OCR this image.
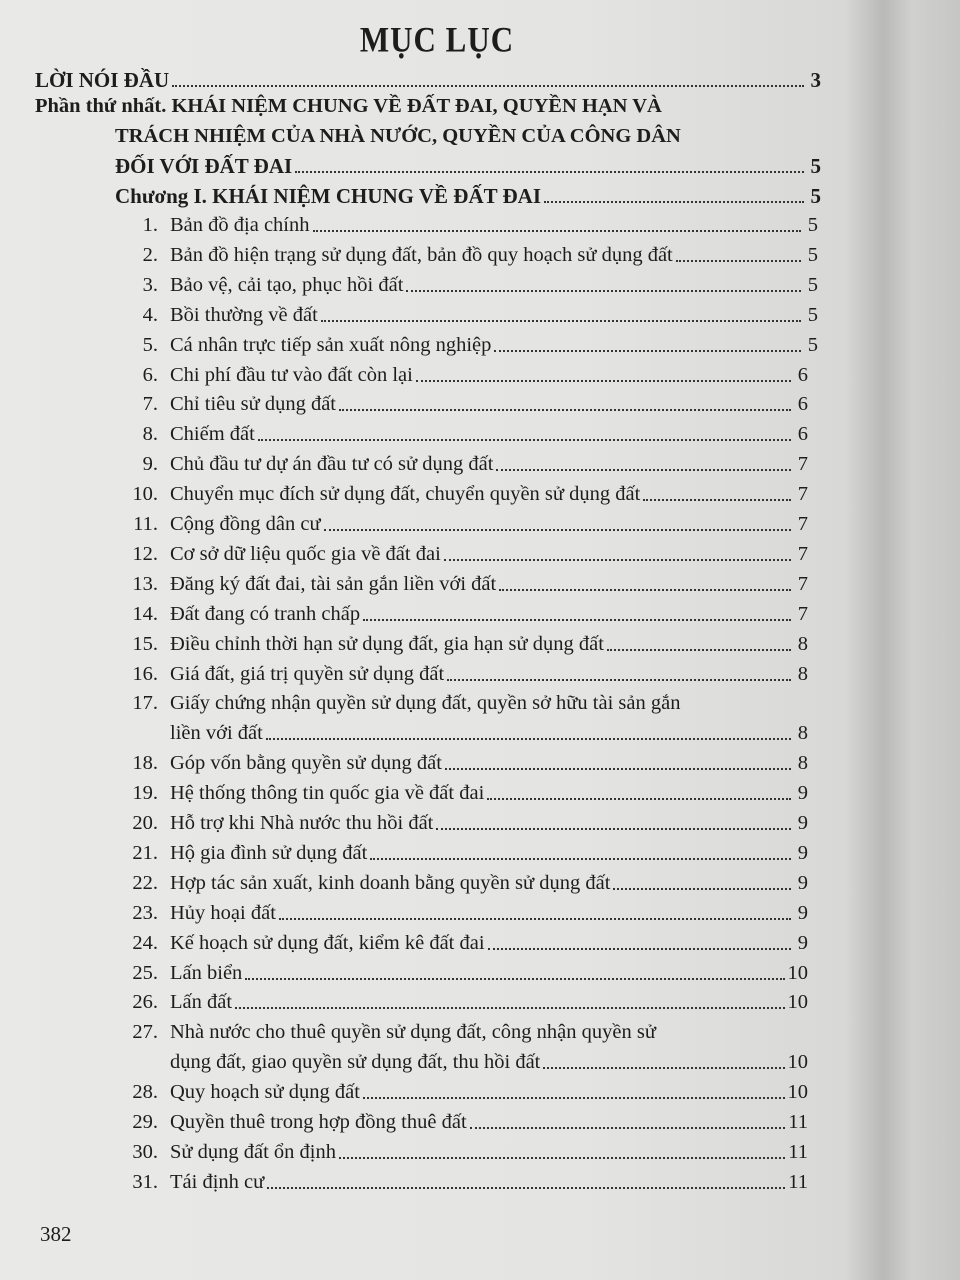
MỤC LỤC
LỜI NÓI ĐẦU	3
Phần thứ nhất. KHÁI NIỆM CHUNG VỀ ĐẤT ĐAI, QUYỀN HẠN VÀ
TRÁCH NHIỆM CỦA NHÀ NƯỚC, QUYỀN CỦA CÔNG DÂN
ĐỐI VỚI ĐẤT ĐAI	5
Chương I. KHÁI NIỆM CHUNG VỀ ĐẤT ĐAI	5
1. Bản đồ địa chính	5
2. Bản đồ hiện trạng sử dụng đất, bản đồ quy hoạch sử dụng đất	5
3. Bảo vệ, cải tạo, phục hồi đất	5
4. Bồi thường về đất	5
5. Cá nhân trực tiếp sản xuất nông nghiệp	5
6. Chi phí đầu tư vào đất còn lại	6
7. Chỉ tiêu sử dụng đất	6
8. Chiếm đất	6
9. Chủ đầu tư dự án đầu tư có sử dụng đất	7
10. Chuyển mục đích sử dụng đất, chuyển quyền sử dụng đất	7
11. Cộng đồng dân cư	7
12. Cơ sở dữ liệu quốc gia về đất đai	7
13. Đăng ký đất đai, tài sản gắn liền với đất	7
14. Đất đang có tranh chấp	7
15. Điều chỉnh thời hạn sử dụng đất, gia hạn sử dụng đất	8
16. Giá đất, giá trị quyền sử dụng đất	8
17. Giấy chứng nhận quyền sử dụng đất, quyền sở hữu tài sản gắn
liền với đất	8
18. Góp vốn bằng quyền sử dụng đất	8
19. Hệ thống thông tin quốc gia về đất đai	9
20. Hỗ trợ khi Nhà nước thu hồi đất	9
21. Hộ gia đình sử dụng đất	9
22. Hợp tác sản xuất, kinh doanh bằng quyền sử dụng đất	9
23. Hủy hoại đất	9
24. Kế hoạch sử dụng đất, kiểm kê đất đai	9
25. Lấn biển	10
26. Lấn đất	10
27. Nhà nước cho thuê quyền sử dụng đất, công nhận quyền sử
dụng đất, giao quyền sử dụng đất, thu hồi đất	10
28. Quy hoạch sử dụng đất	10
29. Quyền thuê trong hợp đồng thuê đất	11
30. Sử dụng đất ổn định	11
31. Tái định cư	11
382
